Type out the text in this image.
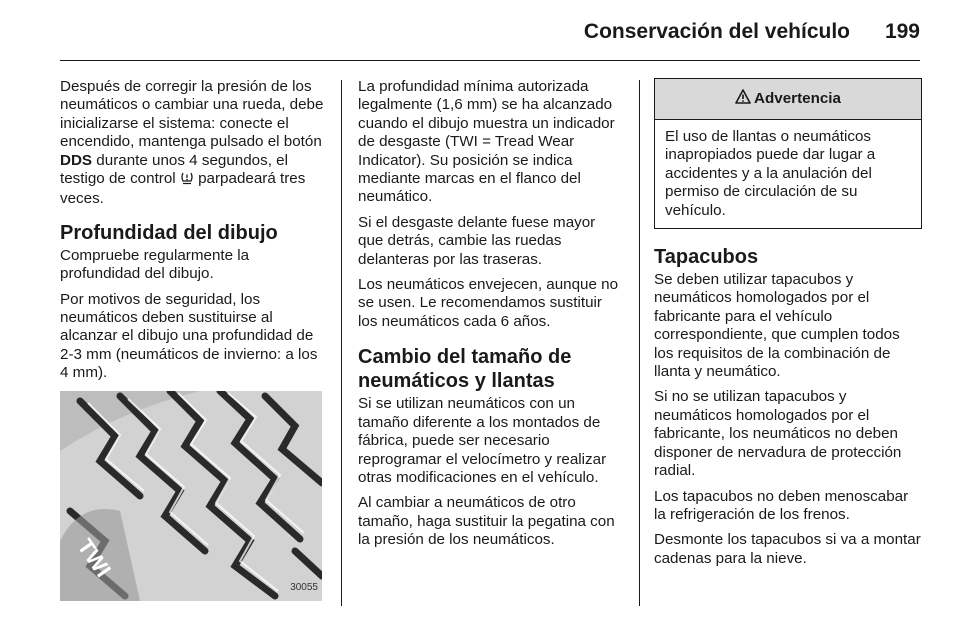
Conservación del vehículo 199

Después de corregir la presión de los neumáticos o cambiar una rueda, debe inicializarse el sistema: conecte el encendido, mantenga pulsado el botón DDS durante unos 4 segundos, el testigo de control  parpadeará tres veces.

Profundidad del dibujo

Compruebe regularmente la profundidad del dibujo.

Por motivos de seguridad, los neumáticos deben sustituirse al alcanzar el dibujo una profundidad de 2-3 mm (neumáticos de invierno: a los 4 mm).

TWI
30055

La profundidad mínima autorizada legalmente (1,6 mm) se ha alcanzado cuando el dibujo muestra un indicador de desgaste (TWI = Tread Wear Indicator). Su posición se indica mediante marcas en el flanco del neumático.

Si el desgaste delante fuese mayor que detrás, cambie las ruedas delanteras por las traseras.

Los neumáticos envejecen, aunque no se usen. Le recomendamos sustituir los neumáticos cada 6 años.

Cambio del tamaño de neumáticos y llantas

Si se utilizan neumáticos con un tamaño diferente a los montados de fábrica, puede ser necesario reprogramar el velocímetro y realizar otras modificaciones en el vehículo.

Al cambiar a neumáticos de otro tamaño, haga sustituir la pegatina con la presión de los neumáticos.

Advertencia
El uso de llantas o neumáticos inapropiados puede dar lugar a accidentes y a la anulación del permiso de circulación de su vehículo.
Tapacubos

Se deben utilizar tapacubos y neumáticos homologados por el fabricante para el vehículo correspondiente, que cumplen todos los requisitos de la combinación de llanta y neumático.

Si no se utilizan tapacubos y neumáticos homologados por el fabricante, los neumáticos no deben disponer de nervadura de protección radial.

Los tapacubos no deben menoscabar la refrigeración de los frenos.

Desmonte los tapacubos si va a montar cadenas para la nieve.
